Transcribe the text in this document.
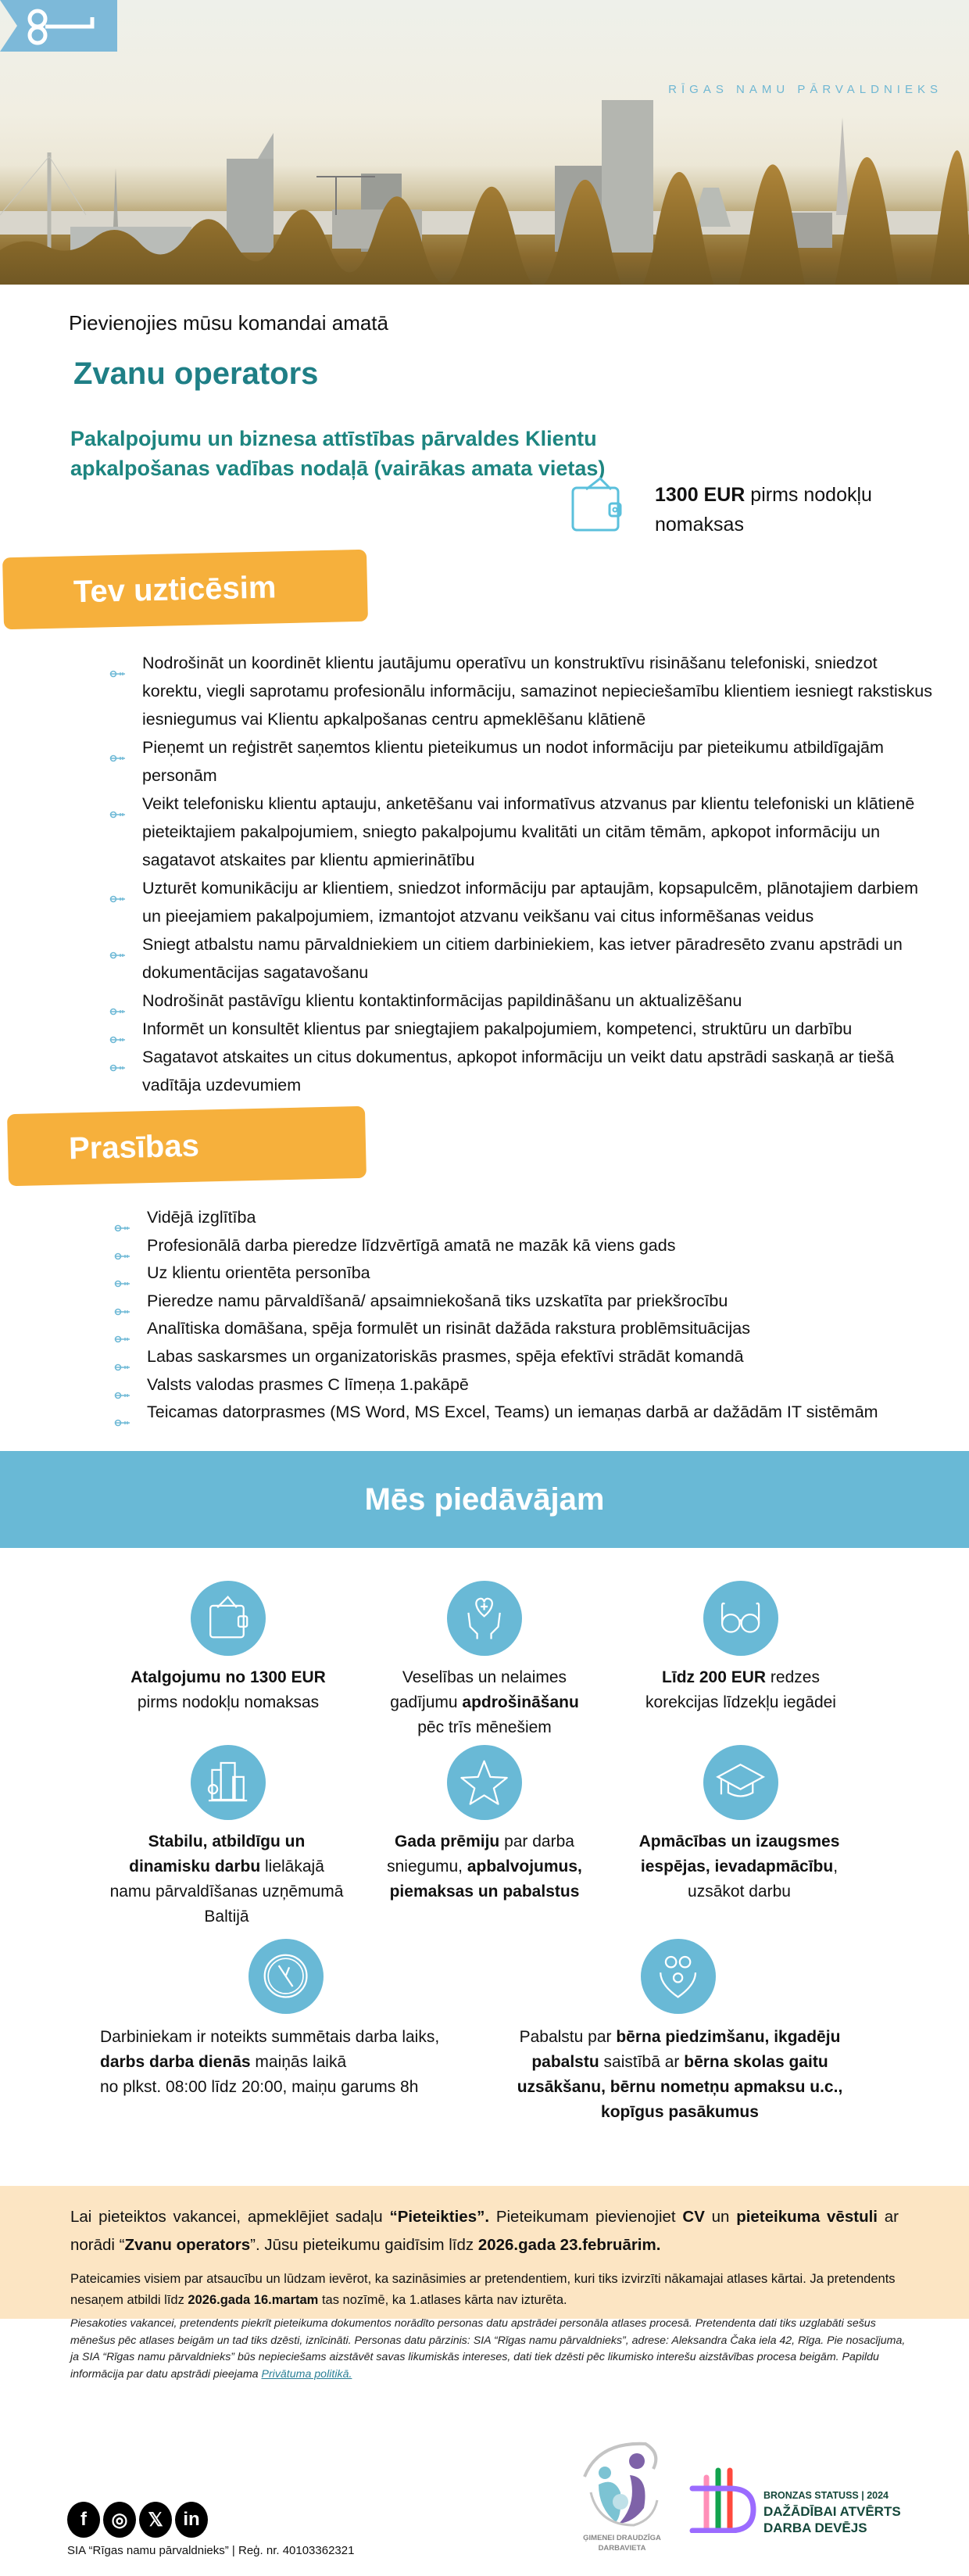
RĪGAS NAMU PĀRVALDNIEKS
Pievienojies mūsu komandai amatā
Zvanu operators
Pakalpojumu un biznesa attīstības pārvaldes Klientu apkalpošanas vadības nodaļā (vairākas amata vietas)
1300 EUR pirms nodokļu nomaksas
Tev uzticēsim
Nodrošināt un koordinēt klientu jautājumu operatīvu un konstruktīvu risināšanu telefoniski, sniedzot korektu, viegli saprotamu profesionālu informāciju, samazinot nepieciešamību klientiem iesniegt rakstiskus iesniegumus vai Klientu apkalpošanas centru apmeklēšanu klātienē
Pieņemt un reģistrēt saņemtos klientu pieteikumus un nodot informāciju par pieteikumu atbildīgajām personām
Veikt telefonisku klientu aptauju, anketēšanu vai informatīvus atzvanus par klientu telefoniski un klātienē pieteiktajiem pakalpojumiem, sniegto pakalpojumu kvalitāti un citām tēmām, apkopot informāciju un sagatavot atskaites par klientu apmierinātību
Uzturēt komunikāciju ar klientiem, sniedzot informāciju par aptaujām, kopsapulcēm, plānotajiem darbiem un pieejamiem pakalpojumiem, izmantojot atzvanu veikšanu vai citus informēšanas veidus
Sniegt atbalstu namu pārvaldniekiem un citiem darbiniekiem, kas ietver pāradresēto zvanu apstrādi un dokumentācijas sagatavošanu
Nodrošināt pastāvīgu klientu kontaktinformācijas papildināšanu un aktualizēšanu
Informēt un konsultēt klientus par sniegtajiem pakalpojumiem, kompetenci, struktūru un darbību
Sagatavot atskaites un citus dokumentus, apkopot informāciju un veikt datu apstrādi saskaņā ar tiešā vadītāja uzdevumiem
Prasības
Vidējā izglītība
Profesionālā darba pieredze līdzvērtīgā amatā ne mazāk kā viens gads
Uz klientu orientēta personība
Pieredze namu pārvaldīšanā/ apsaimniekošanā tiks uzskatīta par priekšrocību
Analītiska domāšana, spēja formulēt un risināt dažāda rakstura problēmsituācijas
Labas saskarsmes un organizatoriskās prasmes, spēja efektīvi strādāt komandā
Valsts valodas prasmes C līmeņa 1.pakāpē
Teicamas datorprasmes (MS Word, MS Excel, Teams) un iemaņas darbā ar dažādām IT sistēmām
Mēs piedāvājam
Atalgojumu no 1300 EUR
pirms nodokļu nomaksas
Veselības un nelaimes gadījumu apdrošināšanu pēc trīs mēnešiem
Līdz 200 EUR redzes korekcijas līdzekļu iegādei
Stabilu, atbildīgu un dinamisku darbu lielākajā namu pārvaldīšanas uzņēmumā Baltijā
Gada prēmiju par darba sniegumu, apbalvojumus, piemaksas un pabalstus
Apmācības un izaugsmes iespējas, ievadapmācību, uzsākot darbu
Darbiniekam ir noteikts summētais darba laiks,
darbs darba dienās maiņās laikā
no plkst. 08:00 līdz 20:00, maiņu garums 8h
Pabalstu par bērna piedzimšanu, ikgadēju pabalstu saistībā ar bērna skolas gaitu uzsākšanu, bērnu nometņu apmaksu u.c., kopīgus pasākumus
Lai pieteiktos vakancei, apmeklējiet sadaļu “Pieteikties”. Pieteikumam pievienojiet CV un pieteikuma vēstuli ar norādi “Zvanu operators”. Jūsu pieteikumu gaidīsim līdz 2026.gada 23.februārim.
Pateicamies visiem par atsaucību un lūdzam ievērot, ka sazināsimies ar pretendentiem, kuri tiks izvirzīti nākamajai atlases kārtai. Ja pretendents nesaņem atbildi līdz 2026.gada 16.martam tas nozīmē, ka 1.atlases kārta nav izturēta.
Piesakoties vakancei, pretendents piekrīt pieteikuma dokumentos norādīto personas datu apstrādei personāla atlases procesā. Pretendenta dati tiks uzglabāti sešus mēnešus pēc atlases beigām un tad tiks dzēsti, iznīcināti. Personas datu pārzinis: SIA “Rīgas namu pārvaldnieks”, adrese: Aleksandra Čaka iela 42, Rīga. Pie nosacījuma, ja SIA “Rīgas namu pārvaldnieks” būs nepieciešams aizstāvēt savas likumiskās intereses, dati tiek dzēsti pēc likumisko interešu aizstāvības procesa beigām. Papildu informācija par datu apstrādi pieejama Privātuma politikā.
f	◎	𝕏	in
SIA “Rīgas namu pārvaldnieks” | Reģ. nr. 40103362321
ĢIMENEI DRAUDZĪGA DARBAVIETA
BRONZAS STATUSS | 2024
DAŽĀDĪBAI ATVĒRTS
DARBA DEVĒJS
